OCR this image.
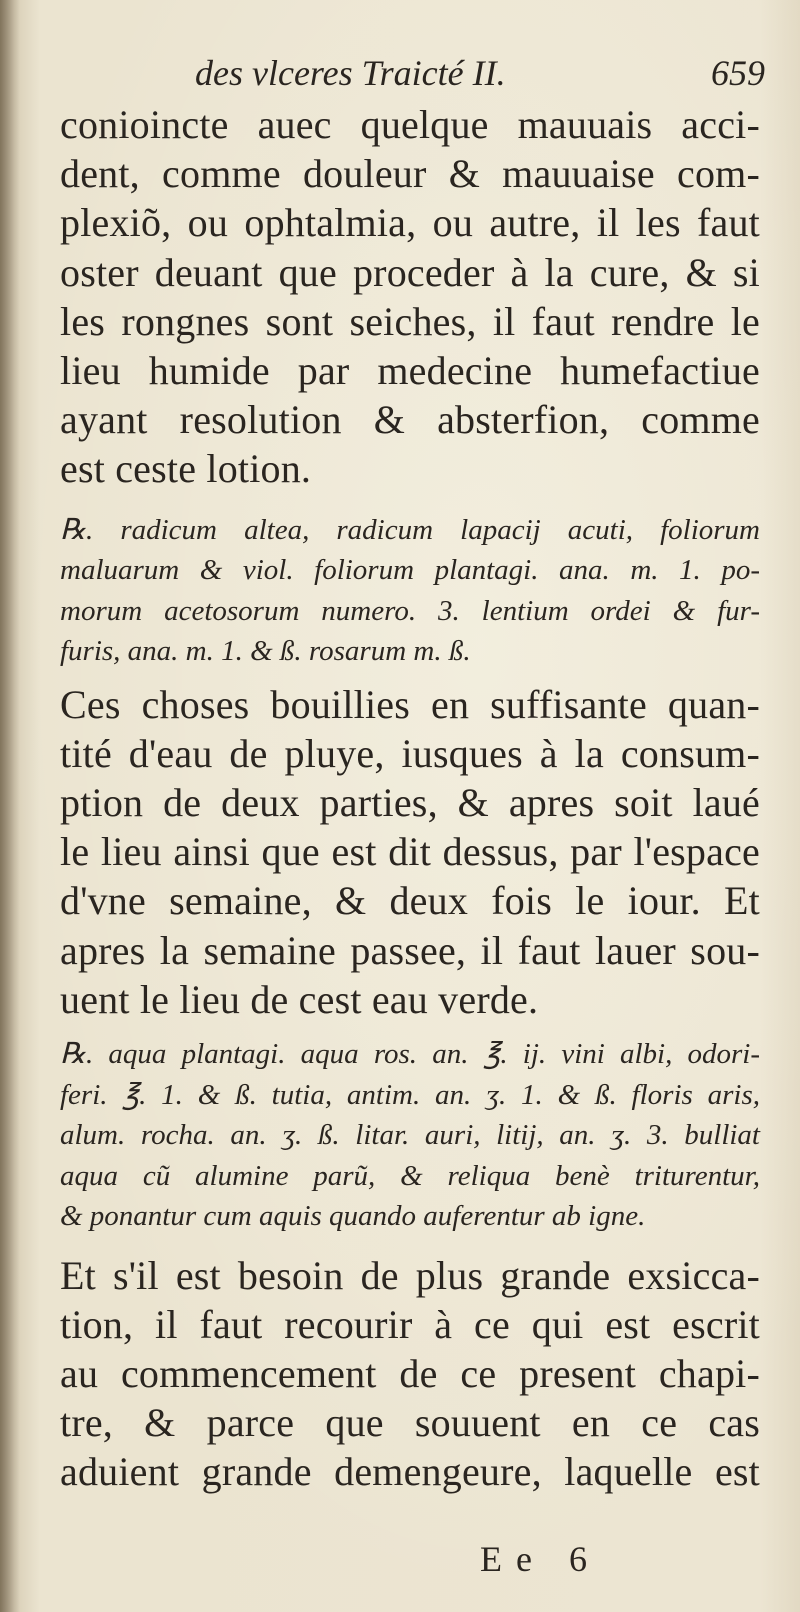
des vlceres Traicté II.	659

conioincte auec quelque mauuais acci-

dent, comme douleur & mauuaise com-

plexiõ, ou ophtalmia, ou autre, il les faut

oster deuant que proceder à la cure, & si

les rongnes sont seiches, il faut rendre le

lieu humide par medecine humefactiue

ayant resolution & absterfion, comme

est ceste lotion.

℞. radicum altea, radicum lapacij acuti, foliorum

maluarum & viol. foliorum plantagi. ana. m. 1. po-

morum acetosorum numero. 3. lentium ordei & fur-

furis, ana. m. 1. & ß. rosarum m. ß.

Ces choses bouillies en suffisante quan-

tité d'eau de pluye, iusques à la consum-

ption de deux parties, & apres soit laué

le lieu ainsi que est dit dessus, par l'espace

d'vne semaine, & deux fois le iour. Et

apres la semaine passee, il faut lauer sou-

uent le lieu de cest eau verde.

℞. aqua plantagi. aqua ros. an. ℥. ij. vini albi, odori-

feri. ℥. 1. & ß. tutia, antim. an. ʒ. 1. & ß. floris aris,

alum. rocha. an. ʒ. ß. litar. auri, litij, an. ʒ. 3. bulliat

aqua cũ alumine parũ, & reliqua benè triturentur,

& ponantur cum aquis quando auferentur ab igne.

Et s'il est besoin de plus grande exsicca-

tion, il faut recourir à ce qui est escrit

au commencement de ce present chapi-

tre, & parce que souuent en ce cas

aduient grande demengeure, laquelle est

Ee 6
